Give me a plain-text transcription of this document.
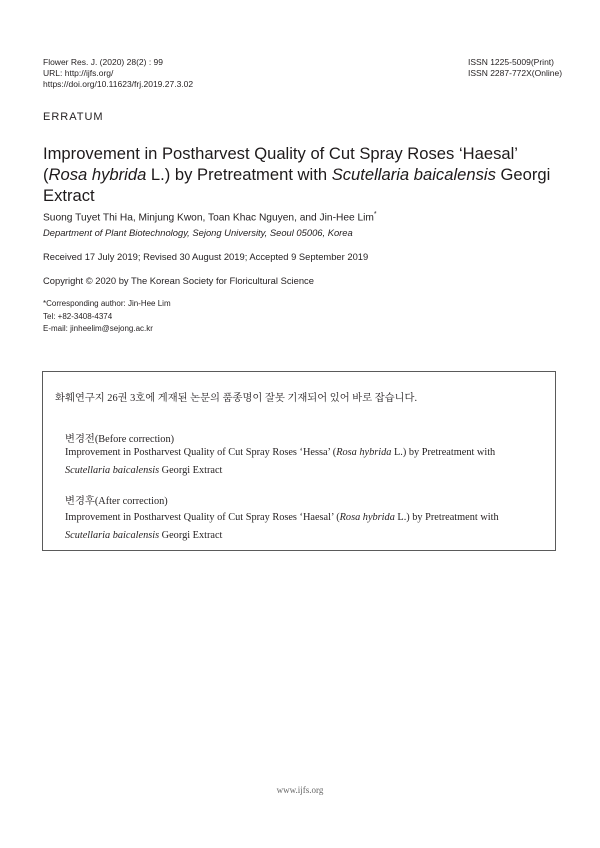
Flower Res. J. (2020) 28(2) : 99
URL: http://ijfs.org/
https://doi.org/10.11623/frj.2019.27.3.02
ISSN 1225-5009(Print)
ISSN 2287-772X(Online)
ERRATUM
Improvement in Postharvest Quality of Cut Spray Roses ‘Haesal’
(Rosa hybrida L.) by Pretreatment with Scutellaria baicalensis Georgi
Extract
Suong Tuyet Thi Ha, Minjung Kwon, Toan Khac Nguyen, and Jin-Hee Lim*
Department of Plant Biotechnology, Sejong University, Seoul 05006, Korea
Received 17 July 2019; Revised 30 August 2019; Accepted 9 September 2019
Copyright © 2020 by The Korean Society for Floricultural Science
*Corresponding author: Jin-Hee Lim
Tel: +82-3408-4374
E-mail: jinheelim@sejong.ac.kr
화훼연구지 26권 3호에 게재된 논문의 품종명이 잘못 기재되어 있어 바로 잡습니다.
변경전(Before correction)
Improvement in Postharvest Quality of Cut Spray Roses ‘Hessa’ (Rosa hybrida L.) by Pretreatment with
Scutellaria baicalensis Georgi Extract
변경후(After correction)
Improvement in Postharvest Quality of Cut Spray Roses ‘Haesal’ (Rosa hybrida L.) by Pretreatment with
Scutellaria baicalensis Georgi Extract
www.ijfs.org
